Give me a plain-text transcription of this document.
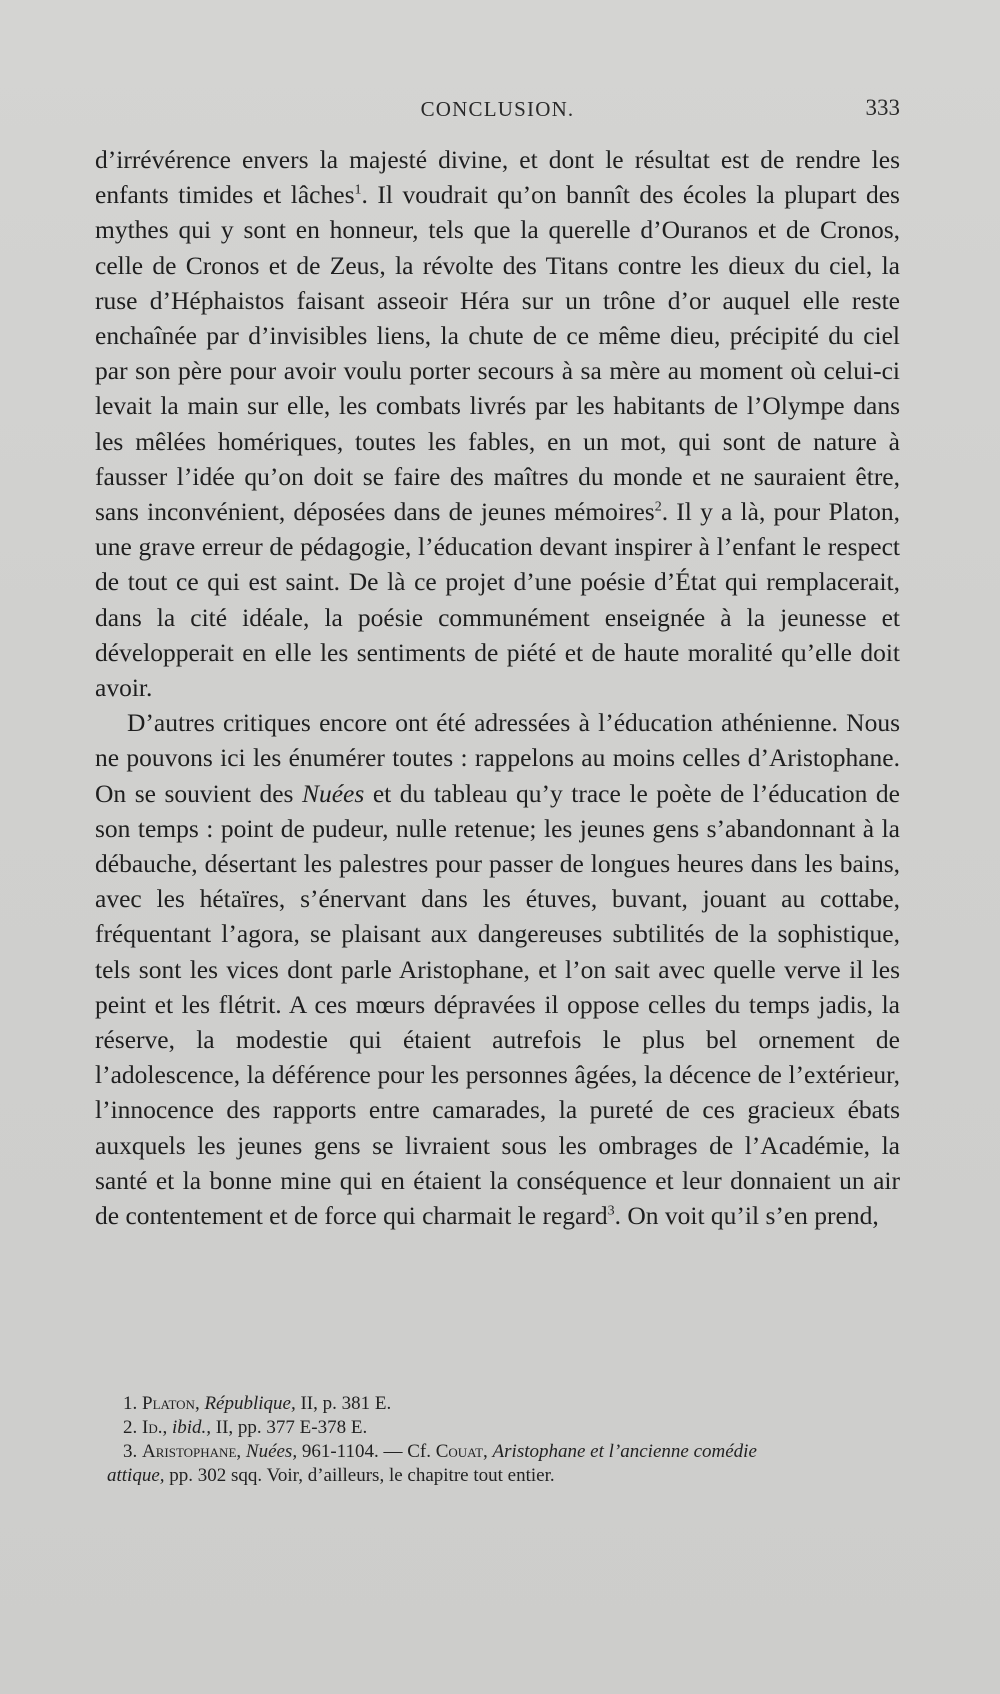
CONCLUSION.	333

d’irrévérence envers la majesté divine, et dont le résultat est de rendre les enfants timides et lâches$^1$. Il voudrait qu’on bannît des écoles la plupart des mythes qui y sont en honneur, tels que la querelle d’Ouranos et de Cronos, celle de Cronos et de Zeus, la révolte des Titans contre les dieux du ciel, la ruse d’Héphaistos faisant asseoir Héra sur un trône d’or auquel elle reste enchaînée par d’invisibles liens, la chute de ce même dieu, précipité du ciel par son père pour avoir voulu porter secours à sa mère au moment où celui-ci levait la main sur elle, les combats livrés par les habitants de l’Olympe dans les mêlées homériques, toutes les fables, en un mot, qui sont de nature à fausser l’idée qu’on doit se faire des maîtres du monde et ne sauraient être, sans inconvénient, déposées dans de jeunes mémoires$^2$. Il y a là, pour Platon, une grave erreur de pédagogie, l’éducation devant inspirer à l’enfant le respect de tout ce qui est saint. De là ce projet d’une poésie d’État qui remplacerait, dans la cité idéale, la poésie communément enseignée à la jeunesse et développerait en elle les sentiments de piété et de haute moralité qu’elle doit avoir.

D’autres critiques encore ont été adressées à l’éducation athénienne. Nous ne pouvons ici les énumérer toutes : rappelons au moins celles d’Aristophane. On se souvient des Nuées et du tableau qu’y trace le poète de l’éducation de son temps : point de pudeur, nulle retenue; les jeunes gens s’abandonnant à la débauche, désertant les palestres pour passer de longues heures dans les bains, avec les hétaïres, s’énervant dans les étuves, buvant, jouant au cottabe, fréquentant l’agora, se plaisant aux dangereuses subtilités de la sophistique, tels sont les vices dont parle Aristophane, et l’on sait avec quelle verve il les peint et les flétrit. A ces mœurs dépravées il oppose celles du temps jadis, la réserve, la modestie qui étaient autrefois le plus bel ornement de l’adolescence, la déférence pour les personnes âgées, la décence de l’extérieur, l’innocence des rapports entre camarades, la pureté de ces gracieux ébats auxquels les jeunes gens se livraient sous les ombrages de l’Académie, la santé et la bonne mine qui en étaient la conséquence et leur donnaient un air de contentement et de force qui charmait le regard$^3$. On voit qu’il s’en prend,

1. Platon, République, II, p. 381 E.

2. Id., ibid., II, pp. 377 E-378 E.

3. Aristophane, Nuées, 961-1104. — Cf. Couat, Aristophane et l’ancienne comédie

attique, pp. 302 sqq. Voir, d’ailleurs, le chapitre tout entier.
